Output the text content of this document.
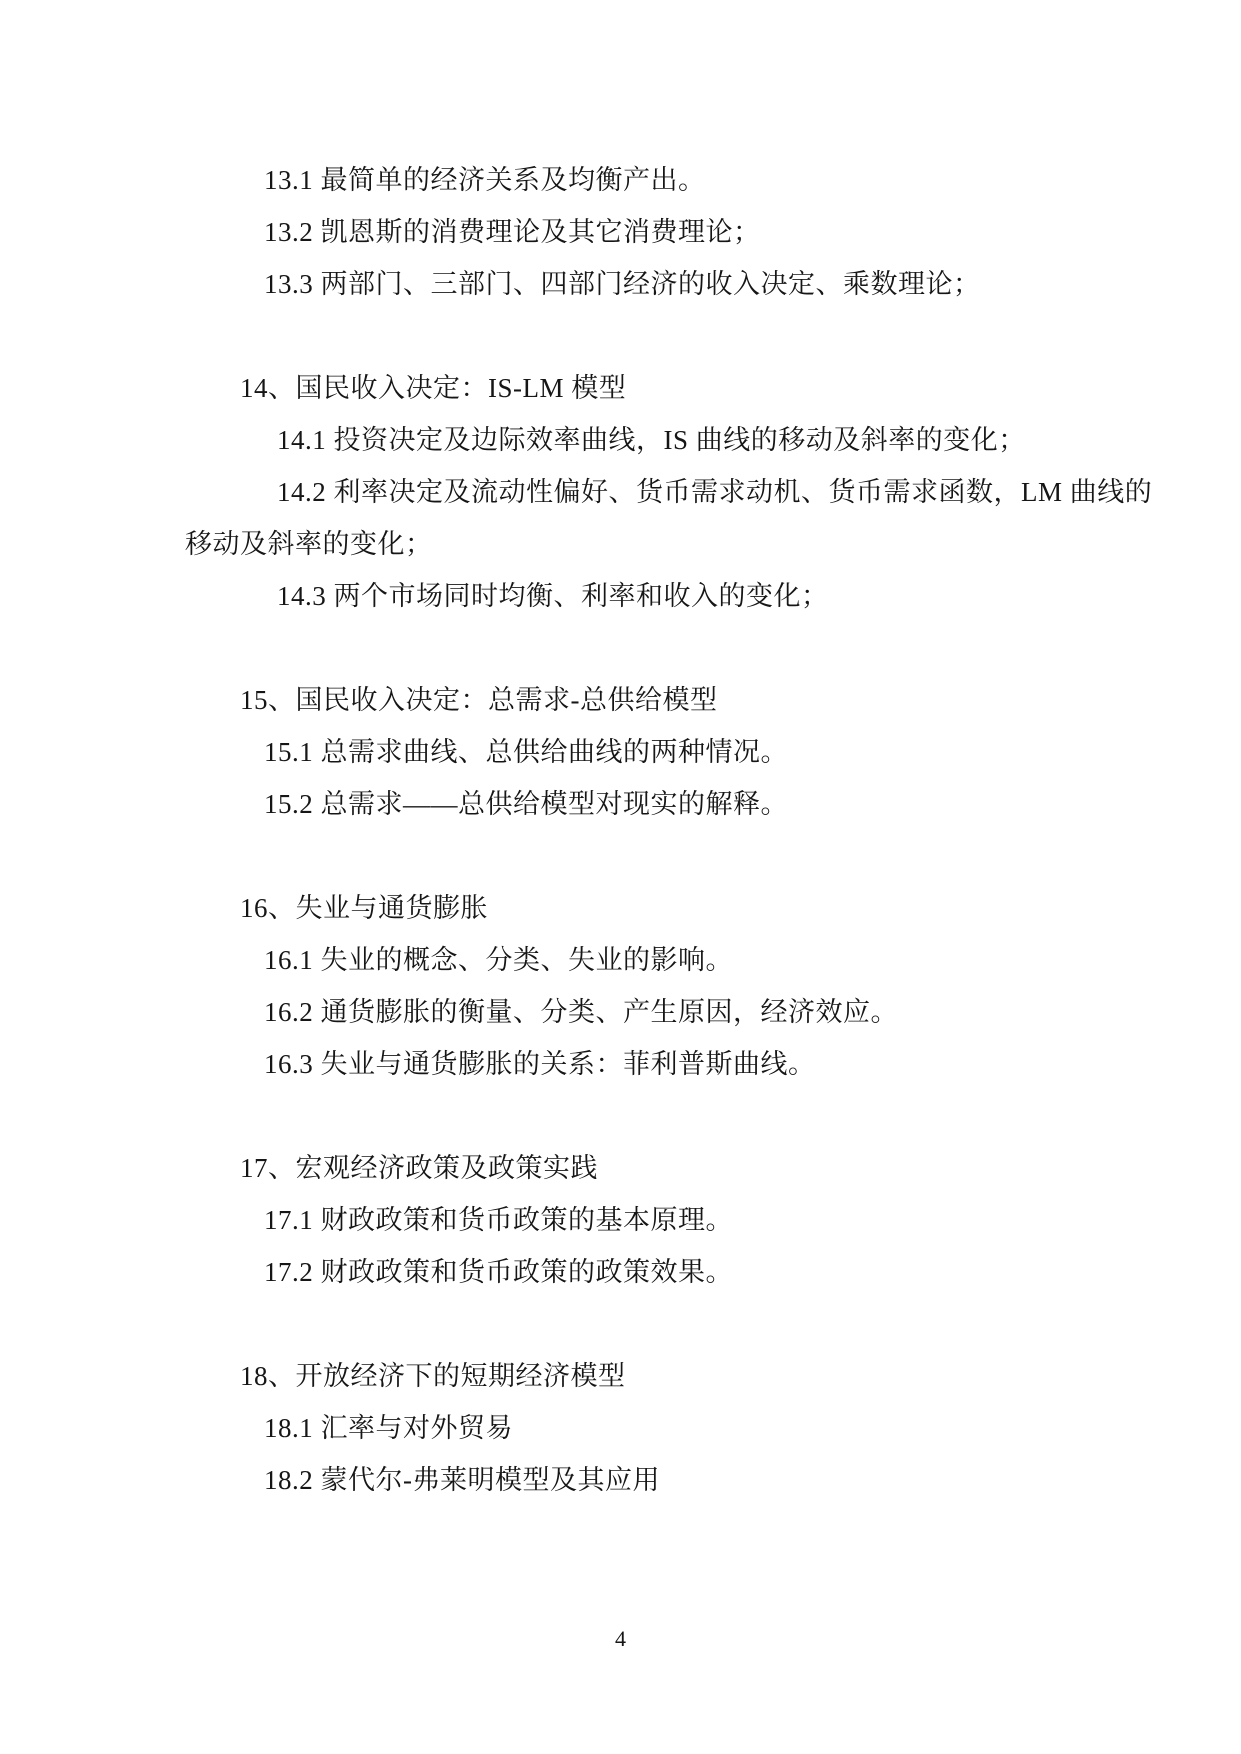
13.1 最简单的经济关系及均衡产出。
13.2 凯恩斯的消费理论及其它消费理论；
13.3 两部门、三部门、四部门经济的收入决定、乘数理论；
14、国民收入决定：IS-LM 模型
14.1 投资决定及边际效率曲线，IS 曲线的移动及斜率的变化；
14.2 利率决定及流动性偏好、货币需求动机、货币需求函数，LM 曲线的
移动及斜率的变化；
14.3 两个市场同时均衡、利率和收入的变化；
15、国民收入决定：总需求-总供给模型
15.1 总需求曲线、总供给曲线的两种情况。
15.2 总需求——总供给模型对现实的解释。
16、失业与通货膨胀
16.1 失业的概念、分类、失业的影响。
16.2 通货膨胀的衡量、分类、产生原因，经济效应。
16.3 失业与通货膨胀的关系：菲利普斯曲线。
17、宏观经济政策及政策实践
17.1 财政政策和货币政策的基本原理。
17.2 财政政策和货币政策的政策效果。
18、开放经济下的短期经济模型
18.1 汇率与对外贸易
18.2 蒙代尔-弗莱明模型及其应用
4
